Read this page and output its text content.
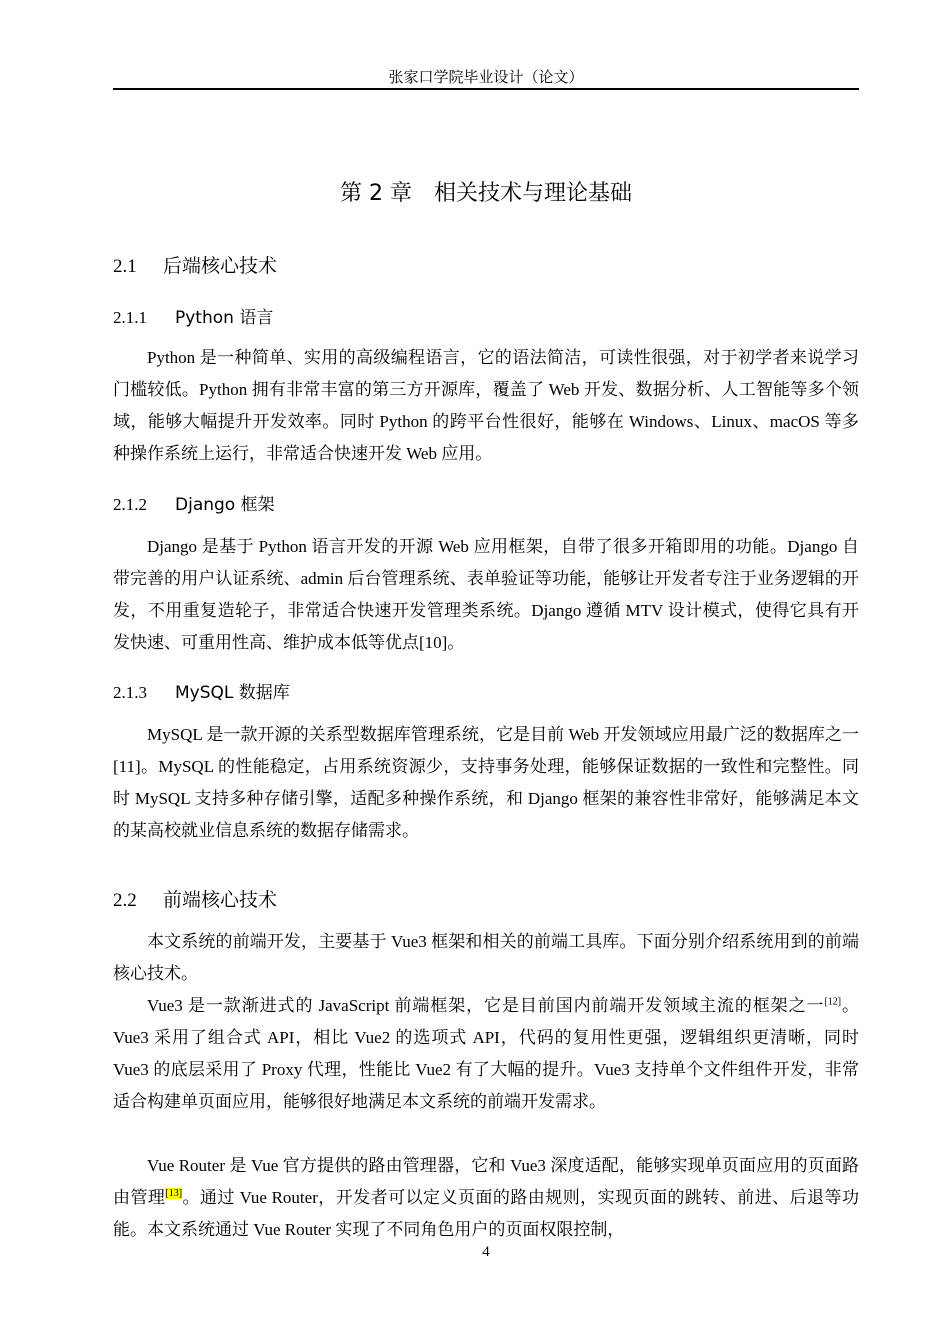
张家口学院毕业设计（论文）
第 2 章　相关技术与理论基础
2.1 后端核心技术
2.1.1 Python 语言

Python 是一种简单、实用的高级编程语言，它的语法简洁，可读性很强，对于初学者来说学习门槛较低。Python 拥有非常丰富的第三方开源库，覆盖了 Web 开发、数据分析、人工智能等多个领域，能够大幅提升开发效率。同时 Python 的跨平台性很好，能够在 Windows、Linux、macOS 等多种操作系统上运行，非常适合快速开发 Web 应用。

2.1.2 Django 框架

Django 是基于 Python 语言开发的开源 Web 应用框架，自带了很多开箱即用的功能。Django 自带完善的用户认证系统、admin 后台管理系统、表单验证等功能，能够让开发者专注于业务逻辑的开发，不用重复造轮子，非常适合快速开发管理类系统。Django 遵循 MTV 设计模式，使得它具有开发快速、可重用性高、维护成本低等优点[10]。

2.1.3 MySQL 数据库

MySQL 是一款开源的关系型数据库管理系统，它是目前 Web 开发领域应用最广泛的数据库之一[11]。MySQL 的性能稳定，占用系统资源少，支持事务处理，能够保证数据的一致性和完整性。同时 MySQL 支持多种存储引擎，适配多种操作系统，和 Django 框架的兼容性非常好，能够满足本文的某高校就业信息系统的数据存储需求。

2.2 前端核心技术

本文系统的前端开发，主要基于 Vue3 框架和相关的前端工具库。下面分别介绍系统用到的前端核心技术。

Vue3 是一款渐进式的 JavaScript 前端框架，它是目前国内前端开发领域主流的框架之一[12]。Vue3 采用了组合式 API，相比 Vue2 的选项式 API，代码的复用性更强，逻辑组织更清晰，同时 Vue3 的底层采用了 Proxy 代理，性能比 Vue2 有了大幅的提升。Vue3 支持单个文件组件开发，非常适合构建单页面应用，能够很好地满足本文系统的前端开发需求。

Vue Router 是 Vue 官方提供的路由管理器，它和 Vue3 深度适配，能够实现单页面应用的页面路由管理[13]。通过 Vue Router，开发者可以定义页面的路由规则，实现页面的跳转、前进、后退等功能。本文系统通过 Vue Router 实现了不同角色用户的页面权限控制，

4
